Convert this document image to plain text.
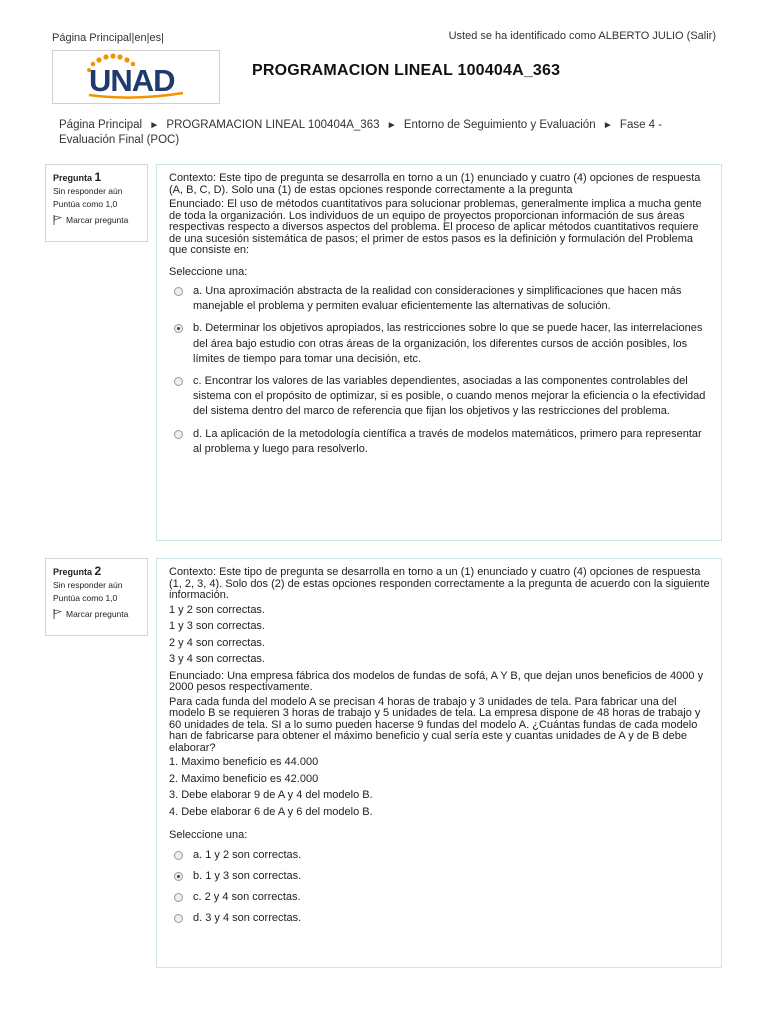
Página Principal|en|es|	Usted se ha identificado como ALBERTO JULIO (Salir)
UNAD	PROGRAMACION LINEAL 100404A_363
Página Principal ► PROGRAMACION LINEAL 100404A_363 ► Entorno de Seguimiento y Evaluación ► Fase 4 - Evaluación Final (POC)
Pregunta 1
Sin responder aún
Puntúa como 1,0
Marcar pregunta

Contexto: Este tipo de pregunta se desarrolla en torno a un (1) enunciado y cuatro (4) opciones de respuesta (A, B, C, D). Solo una (1) de estas opciones responde correctamente a la pregunta

Enunciado: El uso de métodos cuantitativos para solucionar problemas, generalmente implica a mucha gente de toda la organización. Los individuos de un equipo de proyectos proporcionan información de sus áreas respectivas respecto a diversos aspectos del problema. El proceso de aplicar métodos cuantitativos requiere de una sucesión sistemática de pasos; el primer de estos pasos es la definición y formulación del Problema que consiste en:

Seleccione una:
a. Una aproximación abstracta de la realidad con consideraciones y simplificaciones que hacen más manejable el problema y permiten evaluar eficientemente las alternativas de solución.
b. Determinar los objetivos apropiados, las restricciones sobre lo que se puede hacer, las interrelaciones del área bajo estudio con otras áreas de la organización, los diferentes cursos de acción posibles, los límites de tiempo para tomar una decisión, etc.
c. Encontrar los valores de las variables dependientes, asociadas a las componentes controlables del sistema con el propósito de optimizar, si es posible, o cuando menos mejorar la eficiencia o la efectividad del sistema dentro del marco de referencia que fijan los objetivos y las restricciones del problema.
d. La aplicación de la metodología científica a través de modelos matemáticos, primero para representar al problema y luego para resolverlo.
Pregunta 2
Sin responder aún
Puntúa como 1,0
Marcar pregunta

Contexto: Este tipo de pregunta se desarrolla en torno a un (1) enunciado y cuatro (4) opciones de respuesta (1, 2, 3, 4). Solo dos (2) de estas opciones responden correctamente a la pregunta de acuerdo con la siguiente información.

1 y 2 son correctas.

1 y 3 son correctas.

2 y 4 son correctas.

3 y 4 son correctas.

Enunciado: Una empresa fábrica dos modelos de fundas de sofá, A Y B, que dejan unos beneficios de 4000 y 2000 pesos respectivamente.

Para cada funda del modelo A se precisan 4 horas de trabajo y 3 unidades de tela. Para fabricar una del modelo B se requieren 3 horas de trabajo y 5 unidades de tela. La empresa dispone de 48 horas de trabajo y 60 unidades de tela. SI a lo sumo pueden hacerse 9 fundas del modelo A. ¿Cuántas fundas de cada modelo han de fabricarse para obtener el máximo beneficio y cual sería este y cuantas unidades de A y de B debe elaborar?

1. Maximo beneficio es 44.000

2. Maximo beneficio es 42.000

3. Debe elaborar 9 de A y 4 del modelo B.

4. Debe elaborar 6 de A y 6 del modelo B.

Seleccione una:
a. 1 y 2 son correctas.
b. 1 y 3 son correctas.
c. 2 y 4 son correctas.
d. 3 y 4 son correctas.
